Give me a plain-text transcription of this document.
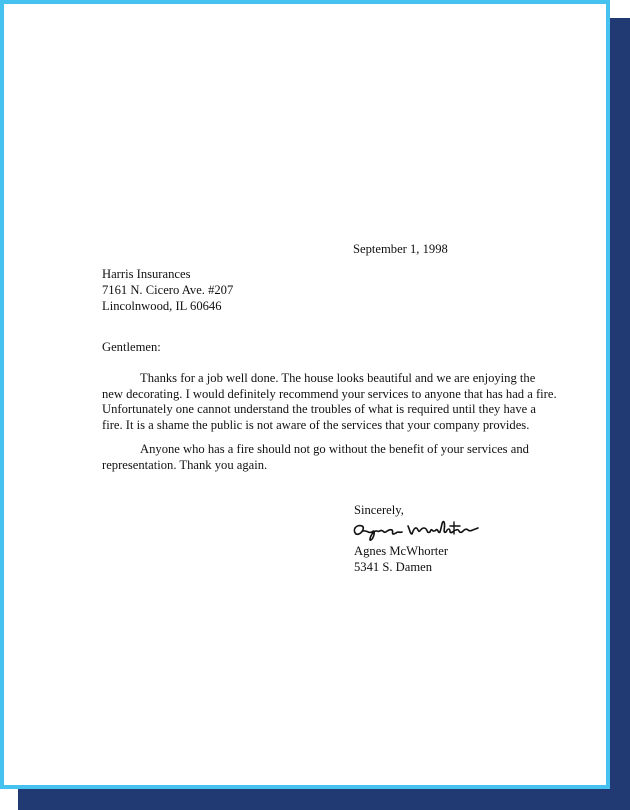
September 1, 1998
Harris Insurances
7161 N. Cicero Ave. #207
Lincolnwood, IL 60646
Gentlemen:
Thanks for a job well done. The house looks beautiful and we are enjoying the
new decorating. I would definitely recommend your services to anyone that has had a fire.
Unfortunately one cannot understand the troubles of what is required until they have a
fire. It is a shame the public is not aware of the services that your company provides.
Anyone who has a fire should not go without the benefit of your services and
representation. Thank you again.
Sincerely,
Agnes McWhorter
5341 S. Damen
